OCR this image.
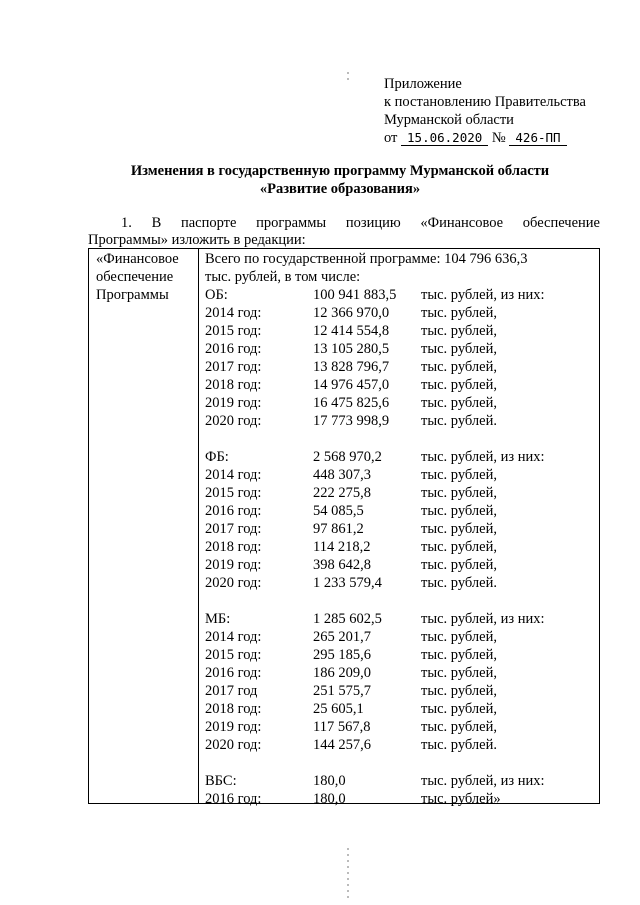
Приложение
к постановлению Правительства
Мурманской области
от 15.06.2020 № 426-ПП
Изменения в государственную программу Мурманской области
«Развитие образования»
1. В паспорте программы позицию «Финансовое обеспечение
Программы» изложить в редакции:
«Финансовое
обеспечение
Программы
Всего по государственной программе: 104 796 636,3
тыс. рублей, в том числе:
ОБ:	100 941 883,5 тыс. рублей, из них:
2014 год:	12 366 970,0 тыс. рублей,
2015 год:	12 414 554,8 тыс. рублей,
2016 год:	13 105 280,5 тыс. рублей,
2017 год:	13 828 796,7 тыс. рублей,
2018 год:	14 976 457,0 тыс. рублей,
2019 год:	16 475 825,6 тыс. рублей,
2020 год:	17 773 998,9 тыс. рублей.
ФБ:	2 568 970,2	тыс. рублей, из них:
2014 год:	448 307,3	тыс. рублей,
2015 год:	222 275,8	тыс. рублей,
2016 год:	54 085,5	тыс. рублей,
2017 год:	97 861,2	тыс. рублей,
2018 год:	114 218,2	тыс. рублей,
2019 год:	398 642,8	тыс. рублей,
2020 год:	1 233 579,4	тыс. рублей.
МБ:	1 285 602,5	тыс. рублей, из них:
2014 год:	265 201,7	тыс. рублей,
2015 год:	295 185,6	тыс. рублей,
2016 год:	186 209,0	тыс. рублей,
2017 год	251 575,7	тыс. рублей,
2018 год:	25 605,1	тыс. рублей,
2019 год:	117 567,8	тыс. рублей,
2020 год:	144 257,6	тыс. рублей.
ВБС:	180,0	тыс. рублей, из них:
2016 год:	180,0	тыс. рублей»
